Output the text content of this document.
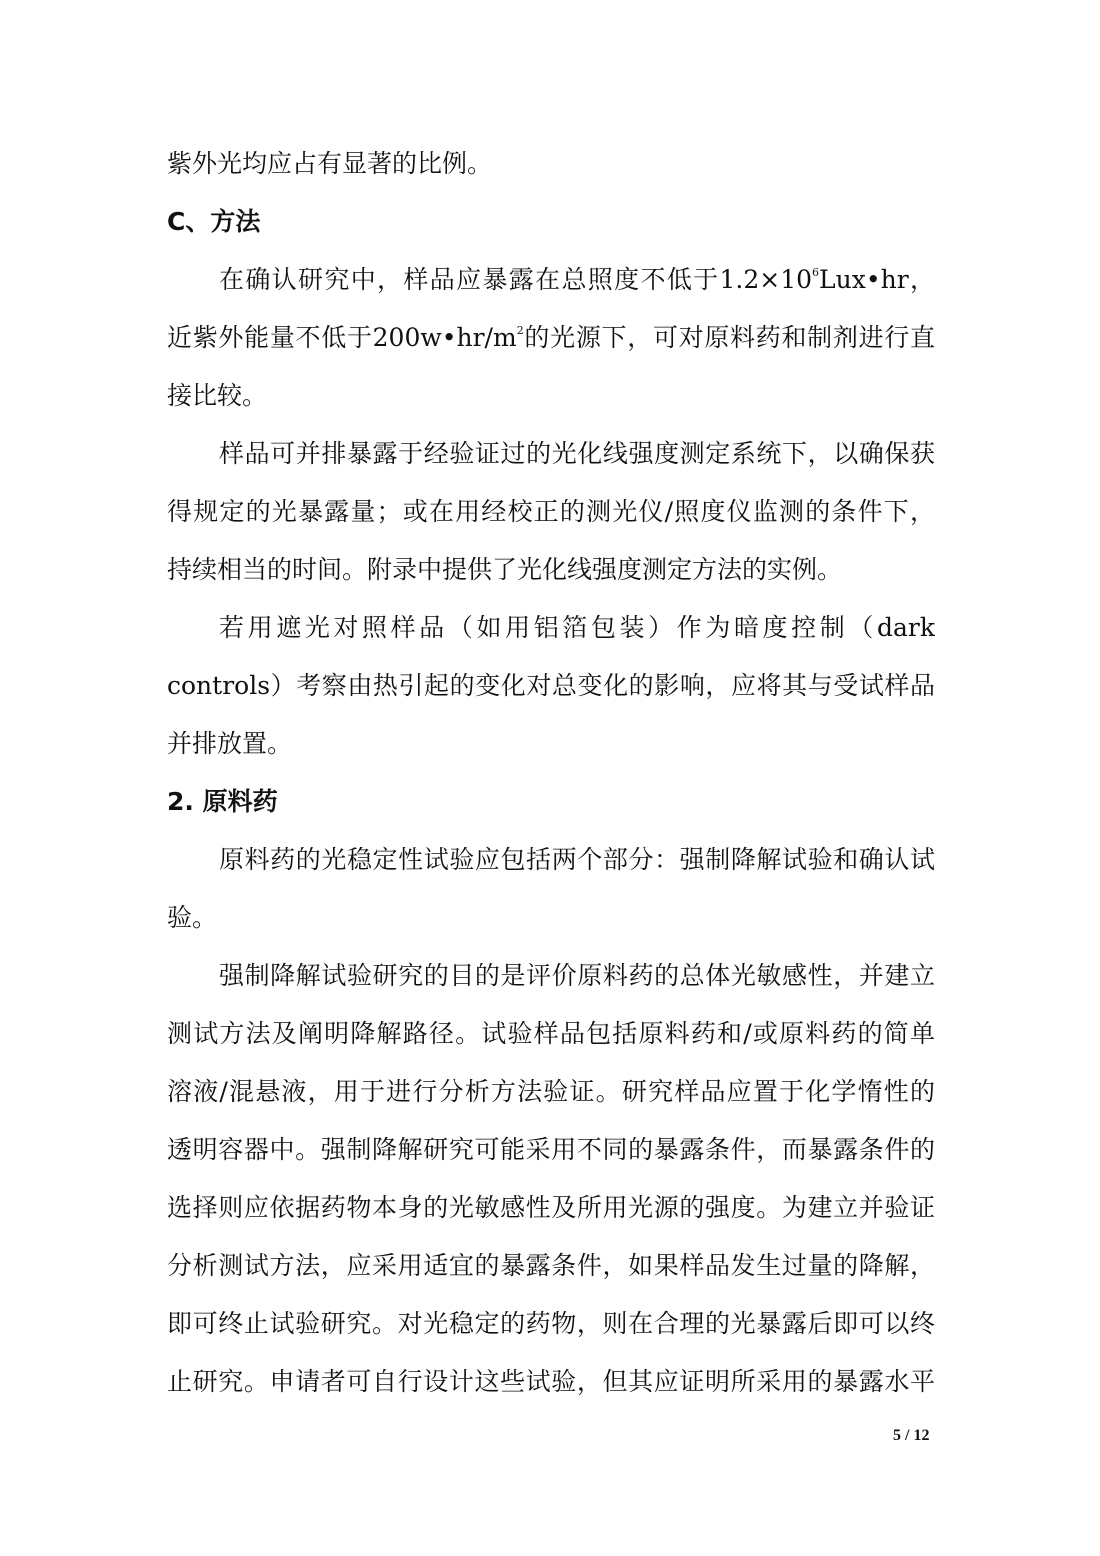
紫外光均应占有显著的比例。
C、方法
在确认研究中，样品应暴露在总照度不低于$1.2\times 10^6Lux•hr$，
近紫外能量不低于$200w•hr/m^2$的光源下，可对原料药和制剂进行直
接比较。
样品可并排暴露于经验证过的光化线强度测定系统下，以确保获
得规定的光暴露量；或在用经校正的测光仪/照度仪监测的条件下，
持续相当的时间。附录中提供了光化线强度测定方法的实例。
若用遮光对照样品（如用铝箔包装）作为暗度控制（dark
controls）考察由热引起的变化对总变化的影响，应将其与受试样品
并排放置。
2. 原料药
原料药的光稳定性试验应包括两个部分：强制降解试验和确认试
验。
强制降解试验研究的目的是评价原料药的总体光敏感性，并建立
测试方法及阐明降解路径。试验样品包括原料药和/或原料药的简单
溶液/混悬液，用于进行分析方法验证。研究样品应置于化学惰性的
透明容器中。强制降解研究可能采用不同的暴露条件，而暴露条件的
选择则应依据药物本身的光敏感性及所用光源的强度。为建立并验证
分析测试方法，应采用适宜的暴露条件，如果样品发生过量的降解，
即可终止试验研究。对光稳定的药物，则在合理的光暴露后即可以终
止研究。申请者可自行设计这些试验，但其应证明所采用的暴露水平
5 / 12
